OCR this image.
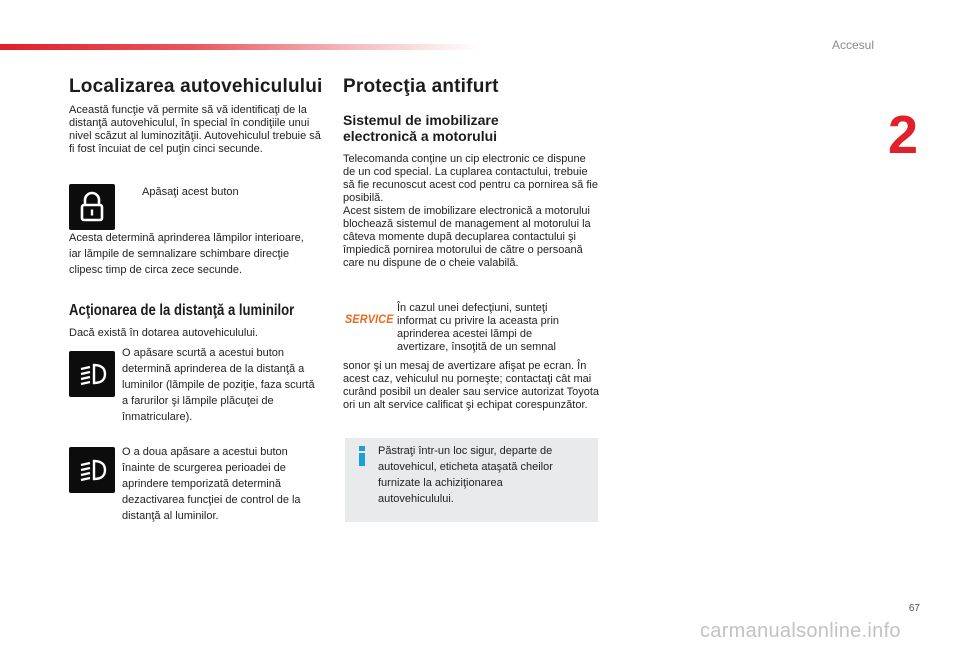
Accesul
2
Localizarea autovehiculului
Această funcţie vă permite să vă identificaţi de la distanţă autovehiculul, în special în condiţiile unui nivel scăzut al luminozităţii. Autovehiculul trebuie să fi fost încuiat de cel puţin cinci secunde.
Apăsaţi acest buton
Acesta determină aprinderea lămpilor interioare, iar lămpile de semnalizare schimbare direcţie clipesc timp de circa zece secunde.
Acţionarea de la distanţă a luminilor
Dacă există în dotarea autovehiculului.
O apăsare scurtă a acestui buton determină aprinderea de la distanţă a luminilor (lămpile de poziţie, faza scurtă a farurilor şi lămpile plăcuţei de înmatriculare).
O a doua apăsare a acestui buton înainte de scurgerea perioadei de aprindere temporizată determină dezactivarea funcţiei de control de la distanţă al luminilor.
Protecţia antifurt
Sistemul de imobilizare
electronică a motorului
Telecomanda conţine un cip electronic ce dispune de un cod special. La cuplarea contactului, trebuie să fie recunoscut acest cod pentru ca pornirea să fie posibilă.
Acest sistem de imobilizare electronică a motorului blochează sistemul de management al motorului la câteva momente după decuplarea contactului şi împiedică pornirea motorului de către o persoană care nu dispune de o cheie valabilă.
SERVICE
În cazul unei defecţiuni, sunteţi informat cu privire la aceasta prin aprinderea acestei lămpi de avertizare, însoţită de un semnal
sonor şi un mesaj de avertizare afişat pe ecran. În acest caz, vehiculul nu porneşte; contactaţi cât mai curând posibil un dealer sau service autorizat Toyota ori un alt service calificat şi echipat corespunzător.
Păstraţi într-un loc sigur, departe de autovehicul, eticheta ataşată cheilor furnizate la achiziţionarea autovehiculului.
67
carmanualsonline.info
